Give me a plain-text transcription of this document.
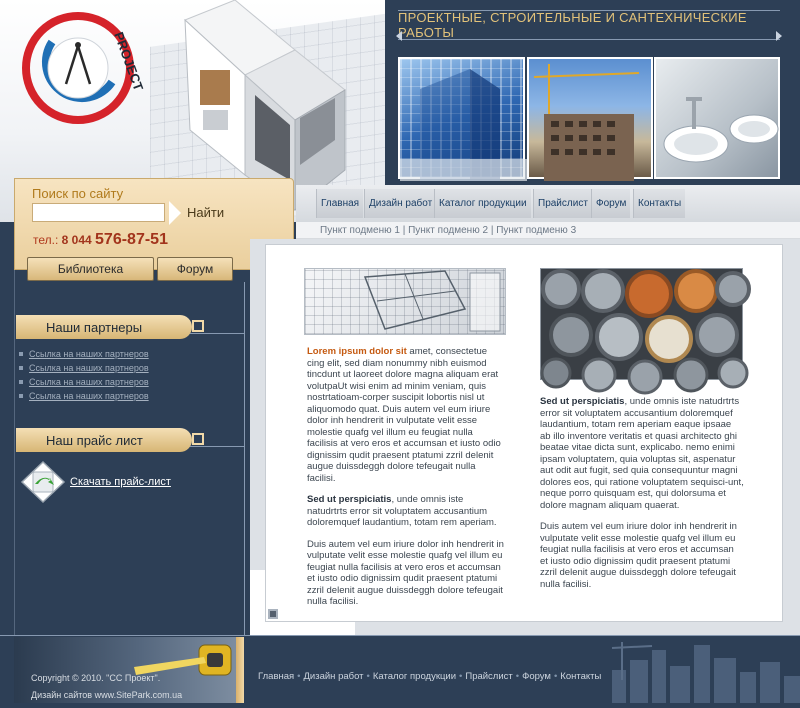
PROJECT
ПРОЕКТНЫЕ, СТРОИТЕЛЬНЫЕ И САНТЕХНИЧЕСКИЕ РАБОТЫ
Главная Дизайн работ Каталог продукции	Прайслист Форум	Контакты
Пункт подменю 1 | Пункт подменю 2 | Пункт подменю 3
Поиск по сайту
Найти
тел.: 8 044 576-87-51
Библиотека	Форум
Наши партнеры
Ссылка на наших партнеров
Ссылка на наших партнеров
Ссылка на наших партнеров
Ссылка на наших партнеров
Наш прайс лист
Скачать прайс-лист

Lorem ipsum dolor sit amet, consectetue cing elit, sed diam nonummy nibh euismod tincdunt ut laoreet dolore magna aliquam erat volutpaUt wisi enim ad minim veniam, quis nostrtatioam-corper suscipit lobortis nisl ut aliquomodo quat. Duis autem vel eum iriure dolor inh hendrerit in vulputate velit esse molestie quafg vel illum eu feugiat nulla facilisis at vero eros et accumsan et iusto odio dignissim qudit praesent ptatumi zzril delenit augue duissdeggh dolore tefeugait nulla facilisi.

Sed ut perspiciatis, unde omnis iste natudrtrts error sit voluptatem accusantium doloremquef laudantium, totam rem aperiam.

Duis autem vel eum iriure dolor inh hendrerit in vulputate velit esse molestie quafg vel illum eu feugiat nulla facilisis at vero eros et accumsan et iusto odio dignissim qudit praesent ptatumi zzril delenit augue duissdeggh dolore tefeugait nulla facilisi.

Sed ut perspiciatis, unde omnis iste natudrtrts error sit voluptatem accusantium doloremquef laudantium, totam rem aperiam eaque ipsaae ab illo inventore veritatis et quasi architecto ghi beatae vitae dicta sunt, explicabo. nemo enimi ipsam voluptatem, quia voluptas sit, aspenatur aut odit aut fugit, sed quia consequuntur magni dolores eos, qui ratione voluptatem sequisci-unt, neque porro quisquam est, qui dolorsuma et dolore magnam aliquam quaerat.

Duis autem vel eum iriure dolor inh hendrerit in vulputate velit esse molestie quafg vel illum eu feugiat nulla facilisis at vero eros et accumsan et iusto odio dignissim qudit praesent ptatumi zzril delenit augue duissdeggh dolore tefeugait nulla facilisi.

Copyright © 2010. "CC Проект".
Дизайн сайтов www.SitePark.com.ua
Главная • Дизайн работ • Каталог продукции • Прайслист • Форум • Контакты
